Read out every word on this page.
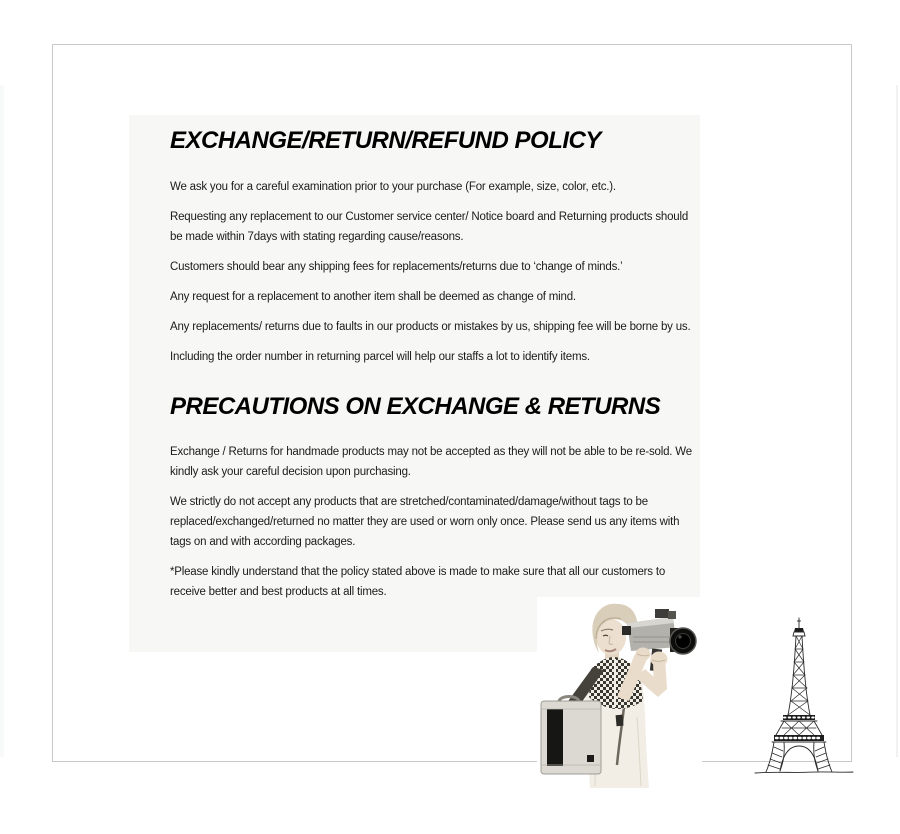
EXCHANGE/RETURN/REFUND POLICY

We ask you for a careful examination prior to your purchase (For example, size, color, etc.).

Requesting any replacement to our Customer service center/ Notice board and Returning products should be made within 7days with stating regarding cause/reasons.

Customers should bear any shipping fees for replacements/returns due to ‘change of minds.’

Any request for a replacement to another item shall be deemed as change of mind.

Any replacements/ returns due to faults in our products or mistakes by us, shipping fee will be borne by us.

Including the order number in returning parcel will help our staffs a lot to identify items.

PRECAUTIONS ON EXCHANGE & RETURNS

Exchange / Returns for handmade products may not be accepted as they will not be able to be re-sold. We kindly ask your careful decision upon purchasing.

We strictly do not accept any products that are stretched/contaminated/damage/without tags to be replaced/exchanged/returned no matter they are used or worn only once. Please send us any items with tags on and with according packages.

*Please kindly understand that the policy stated above is made to make sure that all our customers to receive better and best products at all times.
